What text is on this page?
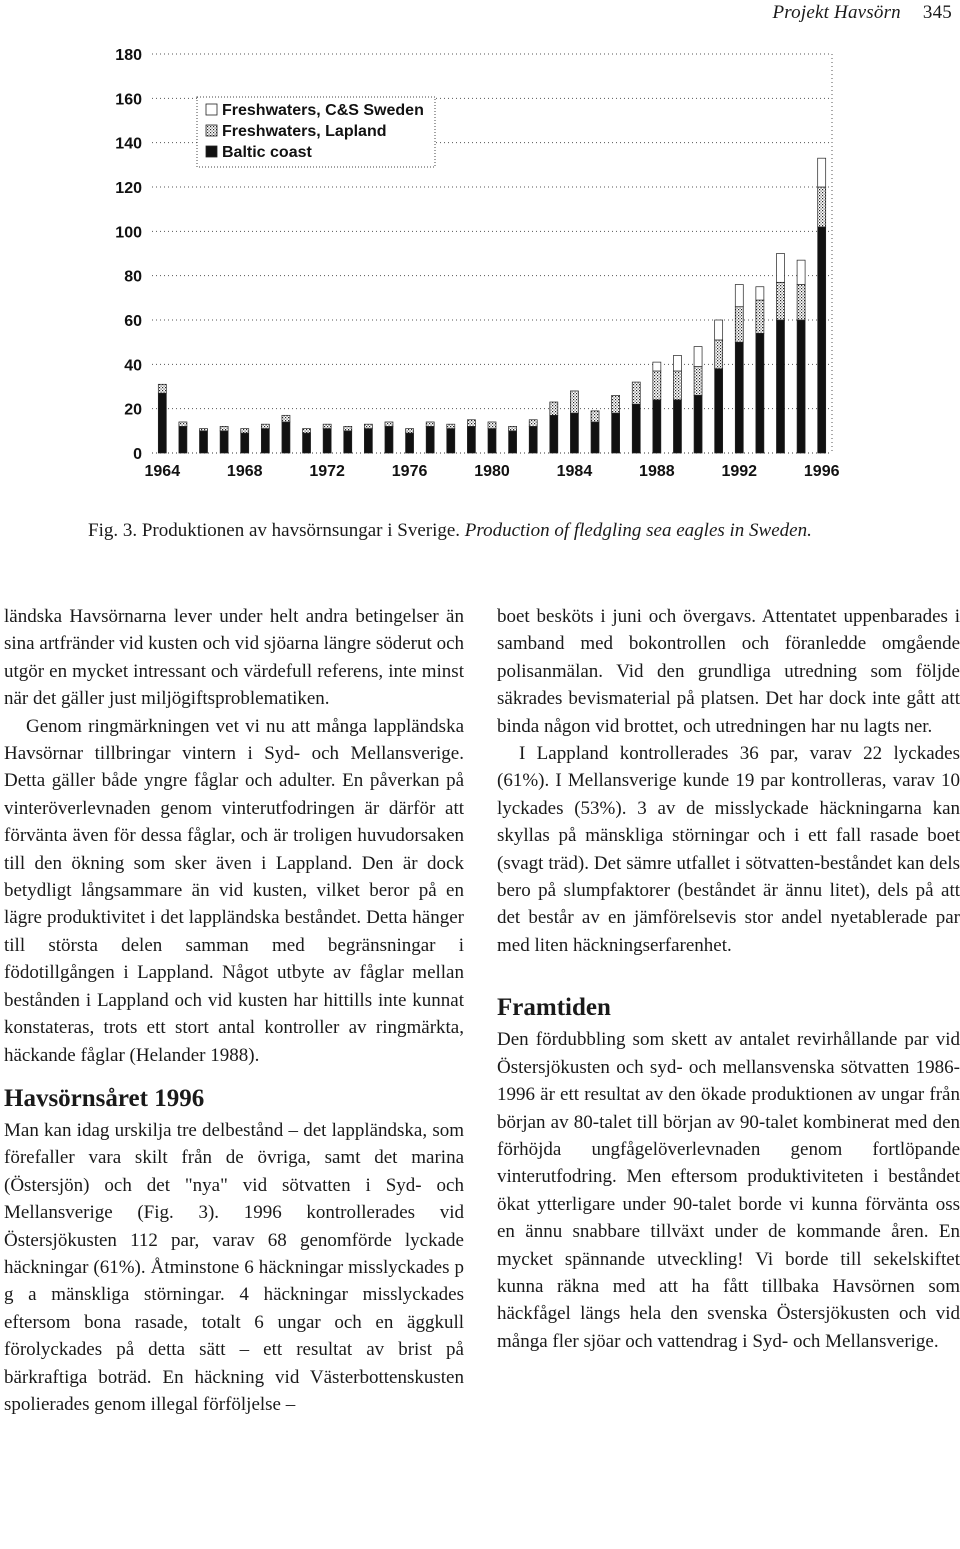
Projekt Havsörn 345
0
20
40
60
80
100
120
140
160
180
1964	1968	1972	1976	1980	1984	1988	1992	1996
Freshwaters, C&S Sweden
Freshwaters, Lapland
Baltic coast
Fig. 3. Produktionen av havsörnsungar i Sverige. Production of fledgling sea eagles in Sweden.

ländska Havsörnarna lever under helt andra betingelser än sina artfränder vid kusten och vid sjöarna längre söderut och utgör en mycket intressant och värdefull referens, inte minst när det gäller just miljögiftsproblematiken.

Genom ringmärkningen vet vi nu att många lappländska Havsörnar tillbringar vintern i Syd- och Mellansverige. Detta gäller både yngre fåglar och adulter. En påverkan på vinteröverlevnaden genom vinterutfodringen är därför att förvänta även för dessa fåglar, och är troligen huvudorsaken till den ökning som sker även i Lappland. Den är dock betydligt långsammare än vid kusten, vilket beror på en lägre produktivitet i det lappländska beståndet. Detta hänger till största delen samman med begränsningar i födotillgången i Lappland. Något utbyte av fåglar mellan bestånden i Lappland och vid kusten har hittills inte kunnat konstateras, trots ett stort antal kontroller av ringmärkta, häckande fåglar (Helander 1988).

Havsörnsåret 1996

Man kan idag urskilja tre delbestånd – det lappländska, som förefaller vara skilt från de övriga, samt det marina (Östersjön) och det "nya" vid sötvatten i Syd- och Mellansverige (Fig. 3). 1996 kontrollerades vid Östersjökusten 112 par, varav 68 genomförde lyckade häckningar (61%). Åtminstone 6 häckningar misslyckades p g a mänskliga störningar. 4 häckningar misslyckades eftersom bona rasade, totalt 6 ungar och en äggkull förolyckades på detta sätt – ett resultat av brist på bärkraftiga boträd. En häckning vid Västerbottenskusten spolierades genom illegal förföljelse –

boet besköts i juni och övergavs. Attentatet uppenbarades i samband med bokontrollen och föranledde omgående polisanmälan. Vid den grundliga utredning som följde säkrades bevismaterial på platsen. Det har dock inte gått att binda någon vid brottet, och utredningen har nu lagts ner.

I Lappland kontrollerades 36 par, varav 22 lyckades (61%). I Mellansverige kunde 19 par kontrolleras, varav 10 lyckades (53%). 3 av de misslyckade häckningarna kan skyllas på mänskliga störningar och i ett fall rasade boet (svagt träd). Det sämre utfallet i sötvatten-beståndet kan dels bero på slumpfaktorer (beståndet är ännu litet), dels på att det består av en jämförelsevis stor andel nyetablerade par med liten häckningserfarenhet.

Framtiden

Den fördubbling som skett av antalet revirhållande par vid Östersjökusten och syd- och mellansvenska sötvatten 1986-1996 är ett resultat av den ökade produktionen av ungar från början av 80-talet till början av 90-talet kombinerat med den förhöjda ungfågelöverlevnaden genom fortlöpande vinterutfodring. Men eftersom produktiviteten i beståndet ökat ytterligare under 90-talet borde vi kunna förvänta oss en ännu snabbare tillväxt under de kommande åren. En mycket spännande utveckling! Vi borde till sekelskiftet kunna räkna med att ha fått tillbaka Havsörnen som häckfågel längs hela den svenska Östersjökusten och vid många fler sjöar och vattendrag i Syd- och Mellansverige.
